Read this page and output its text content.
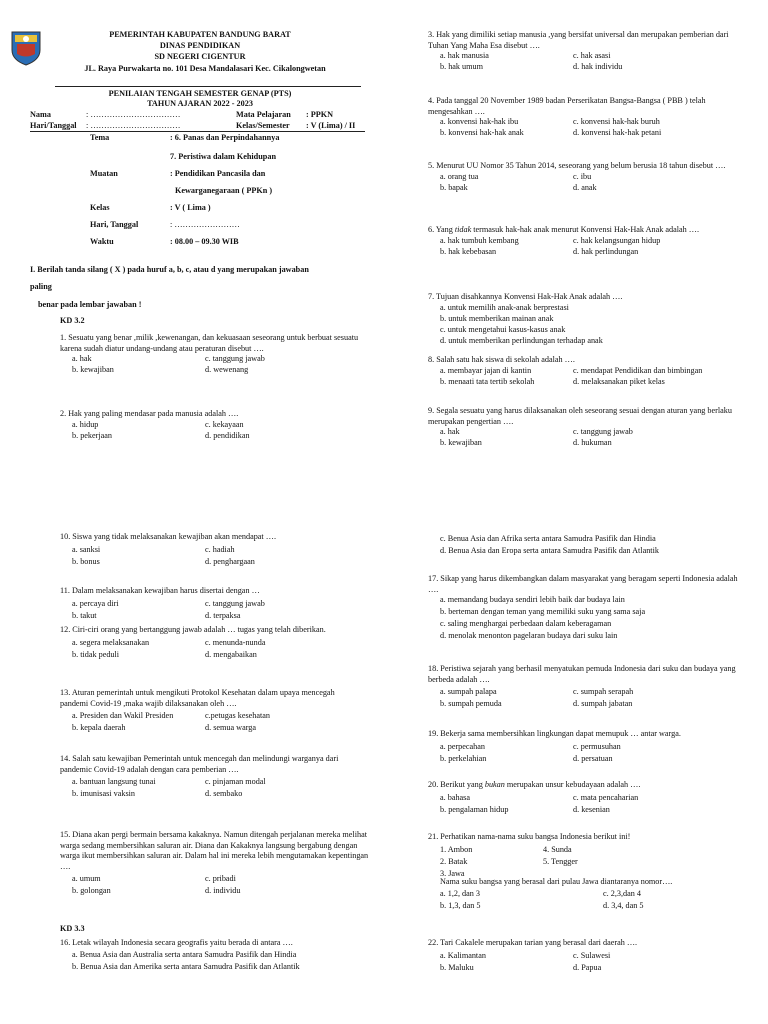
PEMERINTAH KABUPATEN BANDUNG BARAT
DINAS PENDIDIKAN
SD NEGERI CIGENTUR
JL. Raya Purwakarta no. 101 Desa Mandalasari Kec. Cikalongwetan
PENILAIAN TENGAH SEMESTER GENAP (PTS)
TAHUN AJARAN 2022 - 2023
Nama	: ……………………………	Mata Pelajaran : PPKN
Hari/Tanggal : ……………………………	Kelas/Semester : V (Lima) / II
Tema	: 6. Panas dan Perpindahannya
7. Peristiwa dalam Kehidupan
Muatan	: Pendidikan Pancasila dan
Kewarganegaraan ( PPKn )
Kelas	: V ( Lima )
Hari, Tanggal	: ……………………
Waktu	: 08.00 – 09.30 WIB
I. Berilah tanda silang ( X ) pada huruf a, b, c, atau d yang merupakan jawaban
paling
benar pada lembar jawaban !
KD 3.2
1. Sesuatu yang benar ,milik ,kewenangan, dan kekuasaan seseorang untuk berbuat sesuatu karena sudah diatur undang-undang atau peraturan disebut ….
a. hak	c. tanggung jawab
b. kewajiban	d. wewenang
2. Hak yang paling mendasar pada manusia adalah ….
a. hidup	c. kekayaan
b. pekerjaan	d. pendidikan
3. Hak yang dimiliki setiap manusia ,yang bersifat universal dan merupakan pemberian dari Tuhan Yang Maha Esa disebut ….
a. hak manusia	c. hak asasi
b. hak umum	d. hak individu
4. Pada tanggal 20 November 1989 badan Perserikatan Bangsa-Bangsa ( PBB ) telah mengesahkan ….
a. konvensi hak-hak ibu	c. konvensi hak-hak buruh
b. konvensi hak-hak anak	d. konvensi hak-hak petani
5. Menurut UU Nomor 35 Tahun 2014, seseorang yang belum berusia 18 tahun disebut ….
a. orang tua	c. ibu
b. bapak	d. anak
6. Yang tidak termasuk hak-hak anak menurut Konvensi Hak-Hak Anak adalah ….
a. hak tumbuh kembang	c. hak kelangsungan hidup
b. hak kebebasan	d. hak perlindungan
7. Tujuan disahkannya Konvensi Hak-Hak Anak adalah ….
a. untuk memilih anak-anak berprestasi
b. untuk memberikan mainan anak
c. untuk mengetahui kasus-kasus anak
d. untuk memberikan perlindungan terhadap anak
8. Salah satu hak siswa di sekolah adalah ….
a. membayar jajan di kantin	c. mendapat Pendidikan dan bimbingan
b. menaati tata tertib sekolah	d. melaksanakan piket kelas
9. Segala sesuatu yang harus dilaksanakan oleh seseorang sesuai dengan aturan yang berlaku merupakan pengertian ….
a. hak	c. tanggung jawab
b. kewajiban	d. hukuman
10. Siswa yang tidak melaksanakan kewajiban akan mendapat ….
a. sanksi	c. hadiah
b. bonus	d. penghargaan
11. Dalam melaksanakan kewajiban harus disertai dengan …
a. percaya diri	c. tanggung jawab
b. takut	d. terpaksa
12. Ciri-ciri orang yang bertanggung jawab adalah … tugas yang telah diberikan.
a. segera melaksanakan	c. menunda-nunda
b. tidak peduli	d. mengabaikan
13. Aturan pemerintah untuk mengikuti Protokol Kesehatan dalam upaya mencegah pandemi Covid-19 ,maka wajib dilaksanakan oleh ….
a. Presiden dan Wakil Presiden	c.petugas kesehatan
b. kepala daerah	d. semua warga
14. Salah satu kewajiban Pemerintah untuk mencegah dan melindungi warganya dari pandemic Covid-19 adalah dengan cara pemberian ….
a. bantuan langsung tunai	c. pinjaman modal
b. imunisasi vaksin	d. sembako
15. Diana akan pergi bermain bersama kakaknya. Namun ditengah perjalanan mereka melihat warga sedang membersihkan saluran air. Diana dan Kakaknya langsung bergabung dengan warga ikut membersihkan saluran air. Dalam hal ini mereka lebih mengutamakan kepentingan ….
a. umum	c. pribadi
b. golongan	d. individu
KD 3.3
16. Letak wilayah Indonesia secara geografis yaitu berada di antara ….
a. Benua Asia dan Australia serta antara Samudra Pasifik dan Hindia
b. Benua Asia dan Amerika serta antara Samudra Pasifik dan Atlantik
c. Benua Asia dan Afrika serta antara Samudra Pasifik dan Hindia
d. Benua Asia dan Eropa serta antara Samudra Pasifik dan Atlantik
17. Sikap yang harus dikembangkan dalam masyarakat yang beragam seperti Indonesia adalah ….
a. memandang budaya sendiri lebih baik dar budaya lain
b. berteman dengan teman yang memiliki suku yang sama saja
c. saling menghargai perbedaan dalam keberagaman
d. menolak menonton pagelaran budaya dari suku lain
18. Peristiwa sejarah yang berhasil menyatukan pemuda Indonesia dari suku dan budaya yang berbeda adalah ….
a. sumpah palapa	c. sumpah serapah
b. sumpah pemuda	d. sumpah jabatan
19. Bekerja sama membersihkan lingkungan dapat memupuk … antar warga.
a. perpecahan	c. permusuhan
b. perkelahian	d. persatuan
20. Berikut yang bukan merupakan unsur kebudayaan adalah ….
a. bahasa	c. mata pencaharian
b. pengalaman hidup	d. kesenian
21. Perhatikan nama-nama suku bangsa Indonesia berikut ini!
1. Ambon	4. Sunda
2. Batak	5. Tengger
3. Jawa
Nama suku bangsa yang berasal dari pulau Jawa diantaranya nomor….
a. 1,2, dan 3	c. 2,3,dan 4
b. 1,3, dan 5	d. 3,4, dan 5
22. Tari Cakalele merupakan tarian yang berasal dari daerah ….
a. Kalimantan	c. Sulawesi
b. Maluku	d. Papua
